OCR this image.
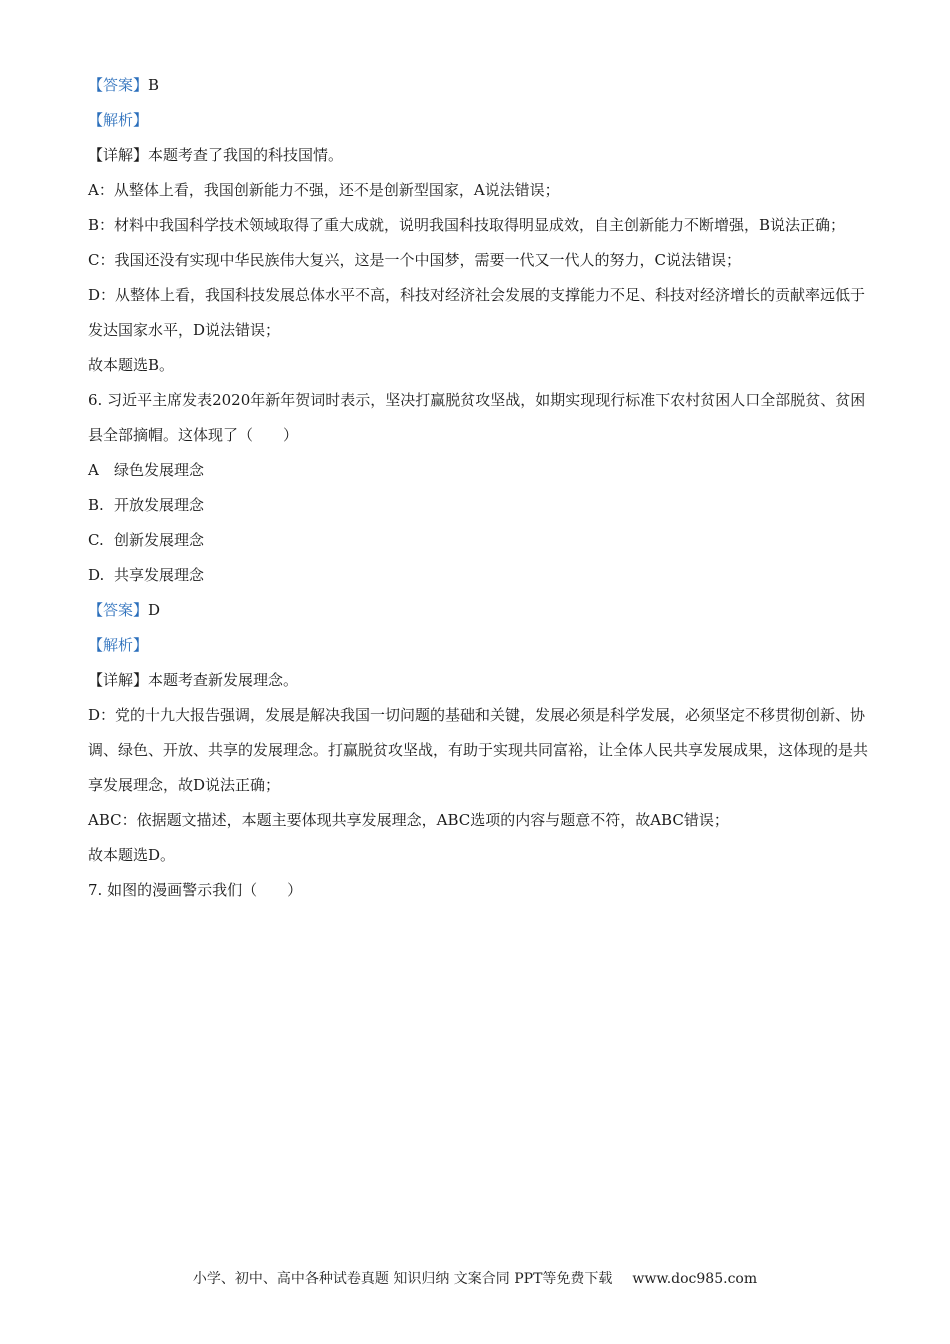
【答案】B
【解析】
【详解】本题考查了我国的科技国情。
A：从整体上看，我国创新能力不强，还不是创新型国家，A说法错误；
B：材料中我国科学技术领域取得了重大成就，说明我国科技取得明显成效，自主创新能力不断增强，B说法正确；
C：我国还没有实现中华民族伟大复兴，这是一个中国梦，需要一代又一代人的努力，C说法错误；
D：从整体上看，我国科技发展总体水平不高，科技对经济社会发展的支撑能力不足、科技对经济增长的贡献率远低于发达国家水平，D说法错误；
故本题选B。
6. 习近平主席发表2020年新年贺词时表示，坚决打赢脱贫攻坚战，如期实现现行标准下农村贫困人口全部脱贫、贫困县全部摘帽。这体现了（　　）
A 绿色发展理念
B. 开放发展理念
C. 创新发展理念
D. 共享发展理念
【答案】D
【解析】
【详解】本题考查新发展理念。
D：党的十九大报告强调，发展是解决我国一切问题的基础和关键，发展必须是科学发展，必须坚定不移贯彻创新、协调、绿色、开放、共享的发展理念。打赢脱贫攻坚战，有助于实现共同富裕，让全体人民共享发展成果，这体现的是共享发展理念，故D说法正确；
ABC：依据题文描述，本题主要体现共享发展理念，ABC选项的内容与题意不符，故ABC错误；
故本题选D。
7. 如图的漫画警示我们（　　）
小学、初中、高中各种试卷真题 知识归纳 文案合同 PPT等免费下载 www.doc985.com
